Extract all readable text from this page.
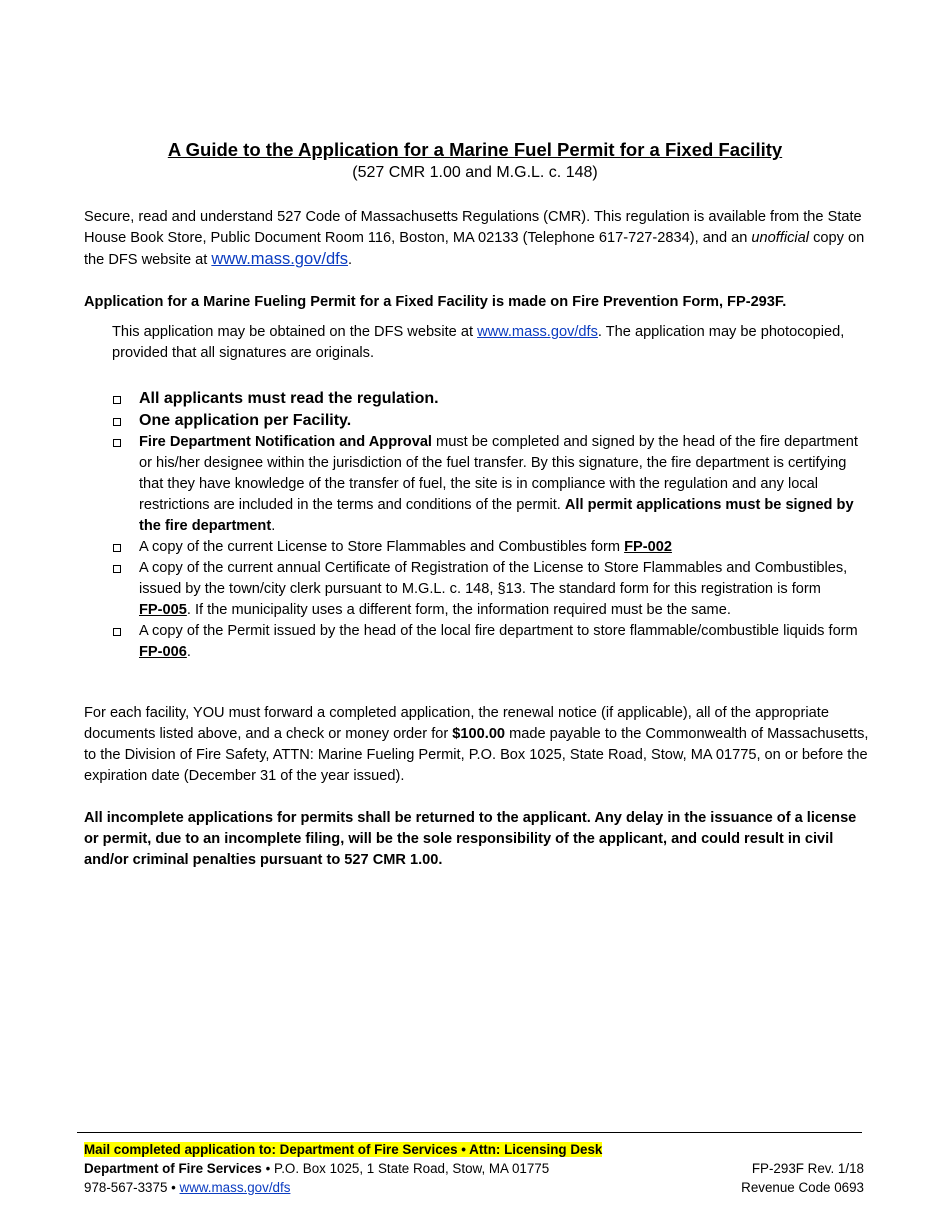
A Guide to the Application for a Marine Fuel Permit for a Fixed Facility
(527 CMR 1.00 and M.G.L. c. 148)
Secure, read and understand 527 Code of Massachusetts Regulations (CMR). This regulation is available from the State House Book Store, Public Document Room 116, Boston, MA 02133 (Telephone 617-727-2834), and an unofficial copy on the DFS website at www.mass.gov/dfs.
Application for a Marine Fueling Permit for a Fixed Facility is made on Fire Prevention Form, FP-293F.
This application may be obtained on the DFS website at www.mass.gov/dfs. The application may be photocopied, provided that all signatures are originals.
All applicants must read the regulation.
One application per Facility.
Fire Department Notification and Approval must be completed and signed by the head of the fire department or his/her designee within the jurisdiction of the fuel transfer. By this signature, the fire department is certifying that they have knowledge of the transfer of fuel, the site is in compliance with the regulation and any local restrictions are included in the terms and conditions of the permit. All permit applications must be signed by the fire department.
A copy of the current License to Store Flammables and Combustibles form FP-002
A copy of the current annual Certificate of Registration of the License to Store Flammables and Combustibles, issued by the town/city clerk pursuant to M.G.L. c. 148, §13. The standard form for this registration is form
FP-005. If the municipality uses a different form, the information required must be the same.
A copy of the Permit issued by the head of the local fire department to store flammable/combustible liquids form FP-006.
For each facility, YOU must forward a completed application, the renewal notice (if applicable), all of the appropriate documents listed above, and a check or money order for $100.00 made payable to the Commonwealth of Massachusetts, to the Division of Fire Safety, ATTN: Marine Fueling Permit, P.O. Box 1025, State Road, Stow, MA 01775, on or before the expiration date (December 31 of the year issued).
All incomplete applications for permits shall be returned to the applicant. Any delay in the issuance of a license or permit, due to an incomplete filing, will be the sole responsibility of the applicant, and could result in civil and/or criminal penalties pursuant to 527 CMR 1.00.
Mail completed application to: Department of Fire Services • Attn: Licensing Desk
Department of Fire Services • P.O. Box 1025, 1 State Road, Stow, MA 01775
978-567-3375 • www.mass.gov/dfs
FP-293F Rev. 1/18
Revenue Code 0693
